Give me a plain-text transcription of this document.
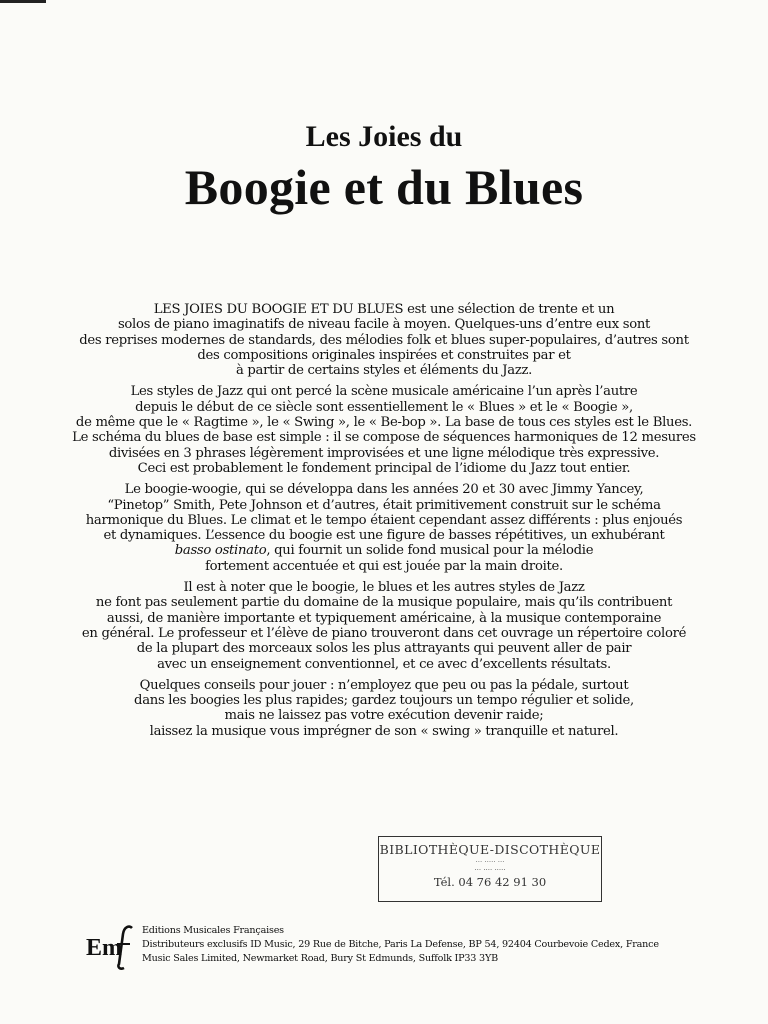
Les Joies du
Boogie et du Blues

LES JOIES DU BOOGIE ET DU BLUES est une sélection de trente et un
solos de piano imaginatifs de niveau facile à moyen. Quelques-uns d’entre eux sont
des reprises modernes de standards, des mélodies folk et blues super-populaires, d’autres sont
des compositions originales inspirées et construites par et
à partir de certains styles et éléments du Jazz.

Les styles de Jazz qui ont percé la scène musicale américaine l’un après l’autre
depuis le début de ce siècle sont essentiellement le « Blues » et le « Boogie »,
de même que le « Ragtime », le « Swing », le « Be-bop ». La base de tous ces styles est le Blues.
Le schéma du blues de base est simple : il se compose de séquences harmoniques de 12 mesures
divisées en 3 phrases légèrement improvisées et une ligne mélodique très expressive.
Ceci est probablement le fondement principal de l’idiome du Jazz tout entier.

Le boogie-woogie, qui se développa dans les années 20 et 30 avec Jimmy Yancey,
“Pinetop” Smith, Pete Johnson et d’autres, était primitivement construit sur le schéma
harmonique du Blues. Le climat et le tempo étaient cependant assez différents : plus enjoués
et dynamiques. L’essence du boogie est une figure de basses répétitives, un exhubérant
basso ostinato, qui fournit un solide fond musical pour la mélodie
fortement accentuée et qui est jouée par la main droite.

Il est à noter que le boogie, le blues et les autres styles de Jazz
ne font pas seulement partie du domaine de la musique populaire, mais qu’ils contribuent
aussi, de manière importante et typiquement américaine, à la musique contemporaine
en général. Le professeur et l’élève de piano trouveront dans cet ouvrage un répertoire coloré
de la plupart des morceaux solos les plus attrayants qui peuvent aller de pair
avec un enseignement conventionnel, et ce avec d’excellents résultats.

Quelques conseils pour jouer : n’employez que peu ou pas la pédale, surtout
dans les boogies les plus rapides; gardez toujours un tempo régulier et solide,
mais ne laissez pas votre exécution devenir raide;
laissez la musique vous imprégner de son « swing » tranquille et naturel.

BIBLIOTHÈQUE-DISCOTHÈQUE
··· ····· ···
··· ···· ·····
Tél. 04 76 42 91 30
Em
Editions Musicales Françaises
Distributeurs exclusifs ID Music, 29 Rue de Bitche, Paris La Defense, BP 54, 92404 Courbevoie Cedex, France
Music Sales Limited, Newmarket Road, Bury St Edmunds, Suffolk IP33 3YB
